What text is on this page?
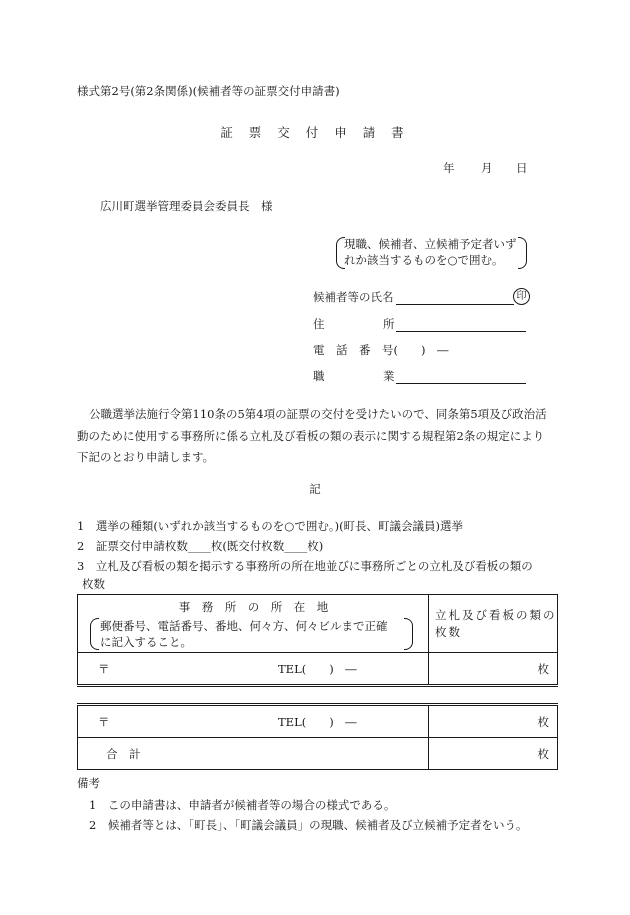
様式第2号(第2条関係)(候補者等の証票交付申請書)
証 票 交 付 申 請 書
年 月 日
広川町選挙管理委員会委員長　様
現職、候補者、立候補予定者いず
れか該当するものを○で囲む。
候補者等の氏名	印
住	所
電　話　番　号(　　)　―
職	業
公職選挙法施行令第110条の5第4項の証票の交付を受けたいので、同条第5項及び政治活動のために使用する事務所に係る立札及び看板の類の表示に関する規程第2条の規定により下記のとおり申請します。
記
1　選挙の種類(いずれか該当するものを○で囲む。)(町長、町議会議員)選挙
2　証票交付申請枚数____枚(既交付枚数____枚)
3　立札及び看板の類を掲示する事務所の所在地並びに事務所ごとの立札及び看板の類の
枚数
事　務　所　の　所　在　地
郵便番号、電話番号、番地、何々方、何々ビルまで正確に記入すること。	立札及び看板の類の枚数

〒 TEL(　　)　―	枚

〒 TEL(　　)　―	枚

合　計	枚
備考
1　この申請書は、申請者が候補者等の場合の様式である。
2　候補者等とは、「町長」、「町議会議員」の現職、候補者及び立候補予定者をいう。
